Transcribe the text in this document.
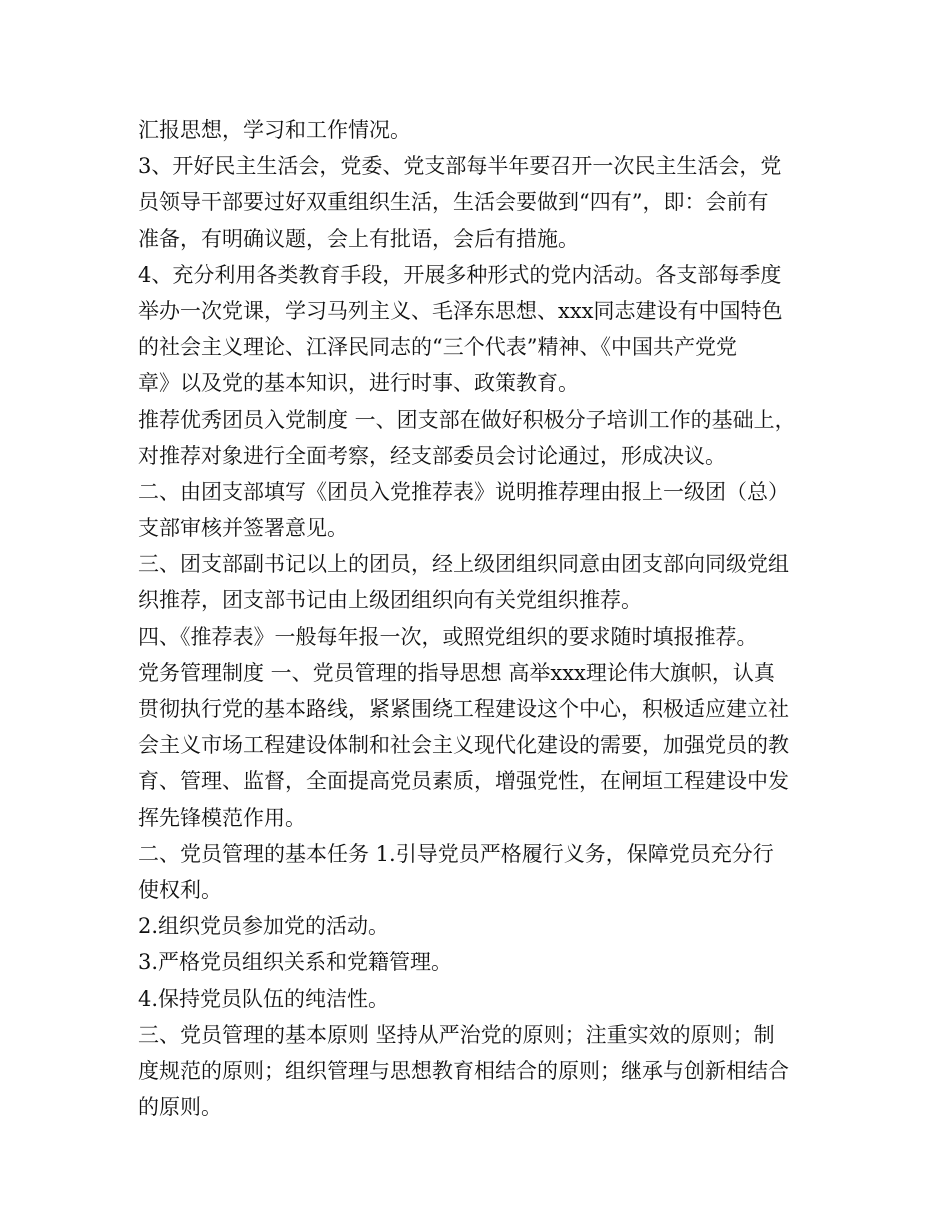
汇报思想，学习和工作情况。

3、开好民主生活会，党委、党支部每半年要召开一次民主生活会，党

员领导干部要过好双重组织生活，生活会要做到“四有”，即：会前有

准备，有明确议题，会上有批语，会后有措施。

4、充分利用各类教育手段，开展多种形式的党内活动。各支部每季度

举办一次党课，学习马列主义、毛泽东思想、xxx同志建设有中国特色

的社会主义理论、江泽民同志的“三个代表”精神、《中国共产党党

章》以及党的基本知识，进行时事、政策教育。

推荐优秀团员入党制度 一、团支部在做好积极分子培训工作的基础上，

对推荐对象进行全面考察，经支部委员会讨论通过，形成决议。

二、由团支部填写《团员入党推荐表》说明推荐理由报上一级团（总）

支部审核并签署意见。

三、团支部副书记以上的团员，经上级团组织同意由团支部向同级党组

织推荐，团支部书记由上级团组织向有关党组织推荐。

四、《推荐表》一般每年报一次，或照党组织的要求随时填报推荐。

党务管理制度 一、党员管理的指导思想 高举xxx理论伟大旗帜，认真

贯彻执行党的基本路线，紧紧围绕工程建设这个中心，积极适应建立社

会主义市场工程建设体制和社会主义现代化建设的需要，加强党员的教

育、管理、监督，全面提高党员素质，增强党性，在闸垣工程建设中发

挥先锋模范作用。

二、党员管理的基本任务 1.引导党员严格履行义务，保障党员充分行

使权利。

2.组织党员参加党的活动。

3.严格党员组织关系和党籍管理。

4.保持党员队伍的纯洁性。

三、党员管理的基本原则 坚持从严治党的原则；注重实效的原则；制

度规范的原则；组织管理与思想教育相结合的原则；继承与创新相结合

的原则。
